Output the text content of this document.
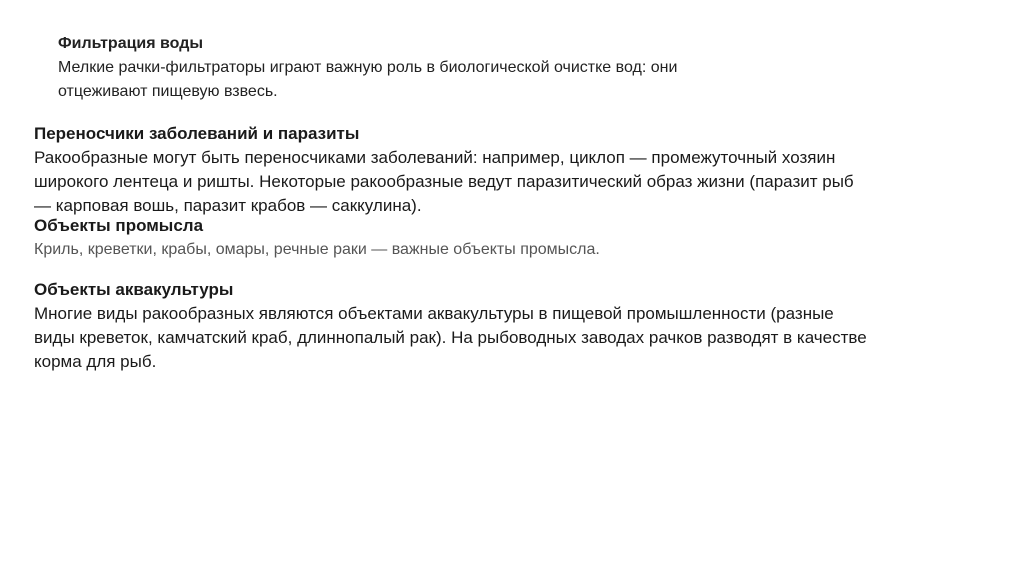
Фильтрация воды
Мелкие рачки-фильтраторы играют важную роль в биологической очистке вод: они
отцеживают пищевую взвесь.
Переносчики заболеваний и паразиты
Ракообразные могут быть переносчиками заболеваний: например, циклоп — промежуточный хозяин
широкого лентеца и ришты. Некоторые ракообразные ведут паразитический образ жизни (паразит рыб
— карповая вошь, паразит крабов — саккулина).
Объекты промысла
Криль, креветки, крабы, омары, речные раки — важные объекты промысла.
Объекты аквакультуры
Многие виды ракообразных являются объектами аквакультуры в пищевой промышленности (разные
виды креветок, камчатский краб, длиннопалый рак). На рыбоводных заводах рачков разводят в качестве
корма для рыб.
